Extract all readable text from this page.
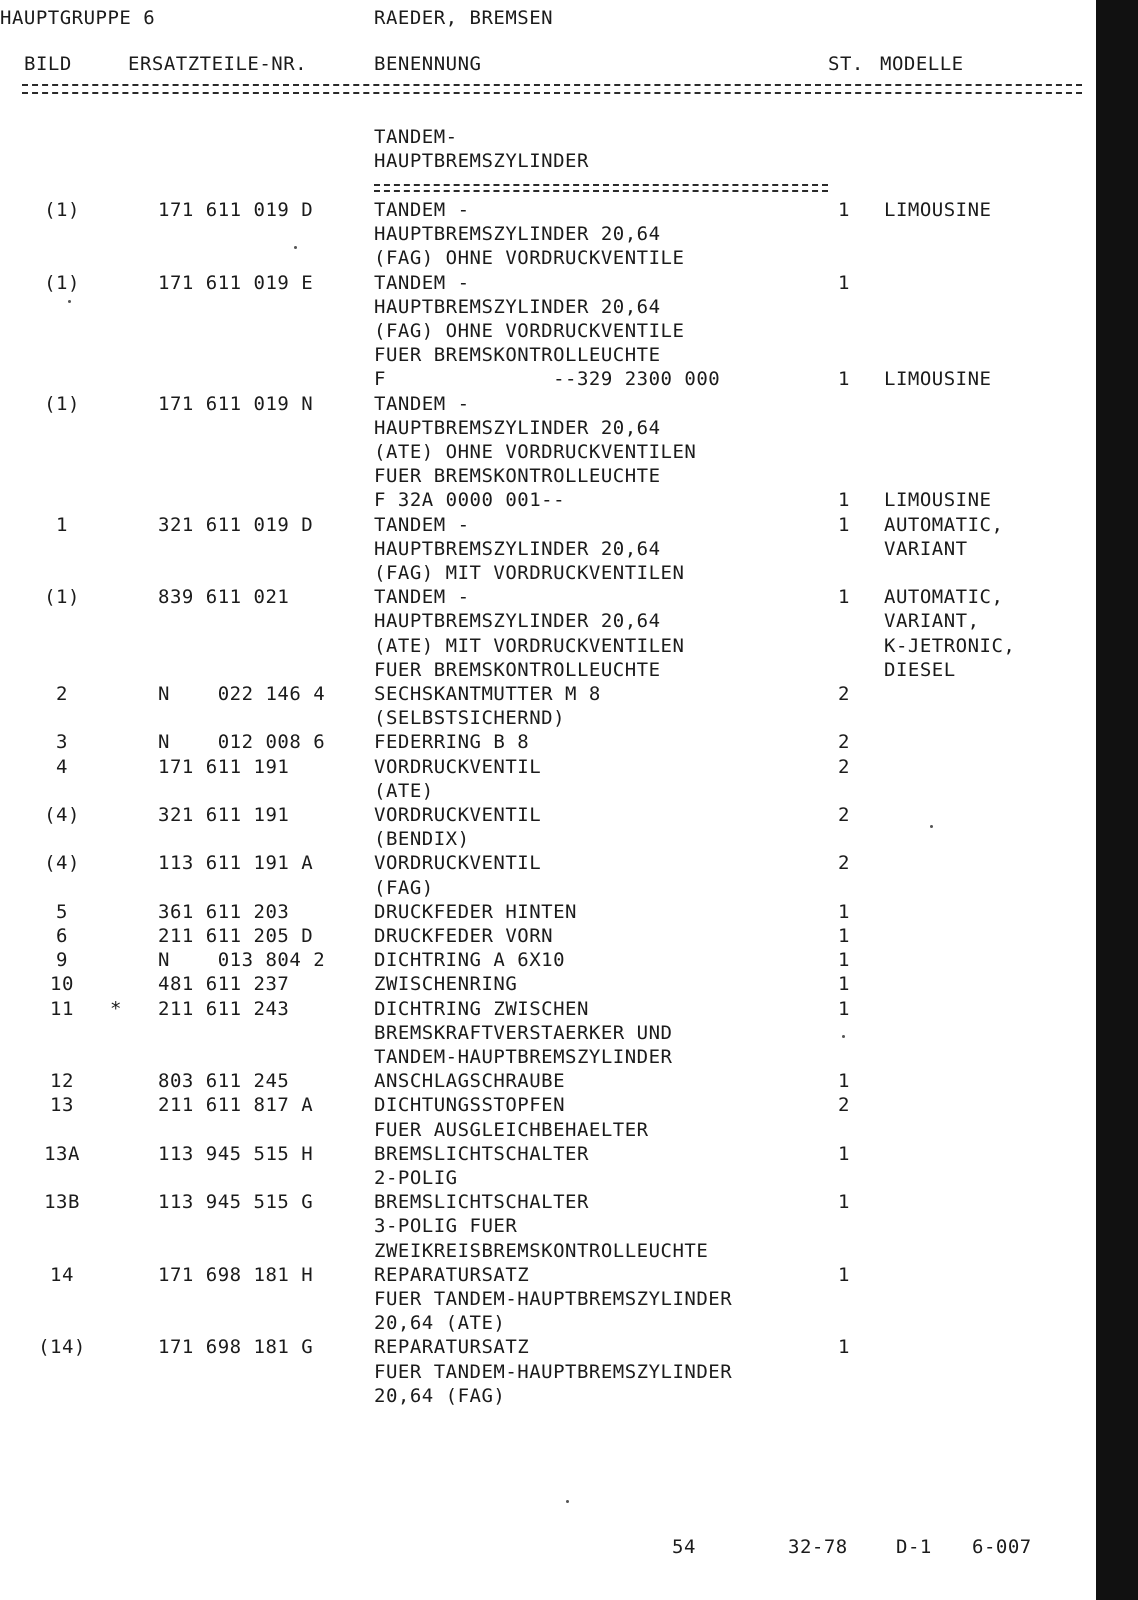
HAUPTGRUPPE 6	RAEDER, BREMSEN
BILD	ERSATZTEILE-NR.	BENENNUNG	ST. MODELLE
TANDEM-
HAUPTBREMSZYLINDER
(1)	171 611 019 D	TANDEM -	1 LIMOUSINE
HAUPTBREMSZYLINDER 20,64
(FAG) OHNE VORDRUCKVENTILE
(1)	171 611 019 E	TANDEM -	1
HAUPTBREMSZYLINDER 20,64
(FAG) OHNE VORDRUCKVENTILE
FUER BREMSKONTROLLEUCHTE
F              --329 2300 000	1 LIMOUSINE
(1)	171 611 019 N	TANDEM -
HAUPTBREMSZYLINDER 20,64
(ATE) OHNE VORDRUCKVENTILEN
FUER BREMSKONTROLLEUCHTE
F 32A 0000 001--	1 LIMOUSINE
1	321 611 019 D	TANDEM -	1 AUTOMATIC,
HAUPTBREMSZYLINDER 20,64	VARIANT
(FAG) MIT VORDRUCKVENTILEN
(1)	839 611 021	TANDEM -	1 AUTOMATIC,
HAUPTBREMSZYLINDER 20,64	VARIANT,
(ATE) MIT VORDRUCKVENTILEN	K-JETRONIC,
FUER BREMSKONTROLLEUCHTE	DIESEL
2	N    022 146 4	SECHSKANTMUTTER M 8	2
(SELBSTSICHERND)
3	N    012 008 6	FEDERRING B 8	2
4	171 611 191	VORDRUCKVENTIL	2
(ATE)
(4)	321 611 191	VORDRUCKVENTIL	2
(BENDIX)
(4)	113 611 191 A	VORDRUCKVENTIL	2
(FAG)
5	361 611 203	DRUCKFEDER HINTEN	1
6	211 611 205 D	DRUCKFEDER VORN	1
9	N    013 804 2	DICHTRING A 6X10	1
10	481 611 237	ZWISCHENRING	1
11	* 211 611 243	DICHTRING ZWISCHEN	1
BREMSKRAFTVERSTAERKER UND
TANDEM-HAUPTBREMSZYLINDER
12	803 611 245	ANSCHLAGSCHRAUBE	1
13	211 611 817 A	DICHTUNGSSTOPFEN	2
FUER AUSGLEICHBEHAELTER
13A	113 945 515 H	BREMSLICHTSCHALTER	1
2-POLIG
13B	113 945 515 G	BREMSLICHTSCHALTER	1
3-POLIG FUER
ZWEIKREISBREMSKONTROLLEUCHTE
14	171 698 181 H	REPARATURSATZ	1
FUER TANDEM-HAUPTBREMSZYLINDER
20,64 (ATE)
(14)	171 698 181 G	REPARATURSATZ	1
FUER TANDEM-HAUPTBREMSZYLINDER
20,64 (FAG)
54	32-78	D-1 6-007
